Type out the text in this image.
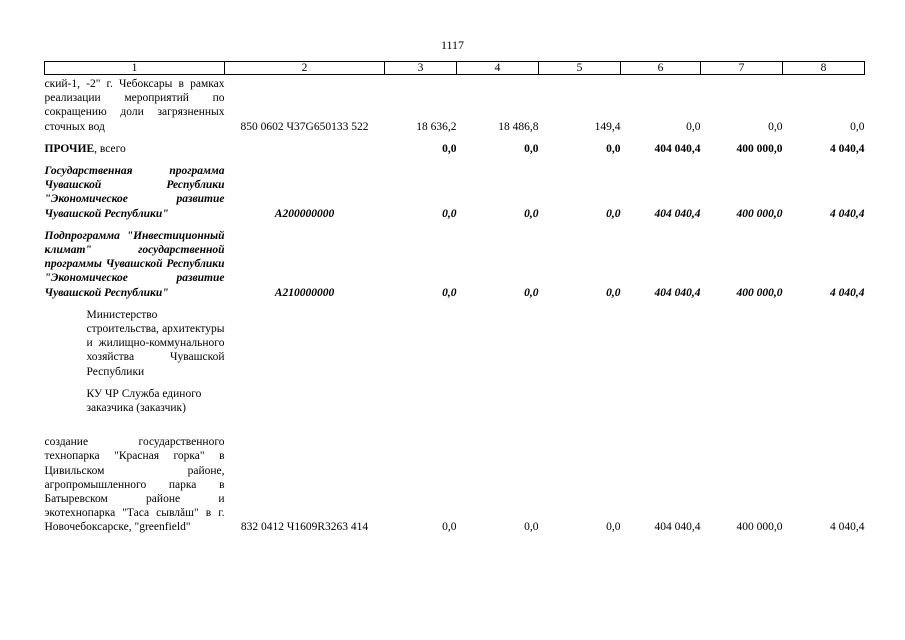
1117
1	2	3	4	5	6	7	8
ский-1, -2" г. Чебоксары в рамках реализации мероприятий по сокращению доли загрязненных сточных вод	850 0602 Ч37G650133 522	18 636,2	18 486,8	149,4	0,0	0,0	0,0
ПРОЧИЕ, всего		0,0	0,0	0,0	404 040,4	400 000,0	4 040,4
Государственная программа Чувашской Республики "Экономическое развитие Чувашской Республики"	А200000000	0,0	0,0	0,0	404 040,4	400 000,0	4 040,4
Подпрограмма "Инвестиционный климат" государственной программы Чувашской Республики "Экономическое развитие Чувашской Республики"	А210000000	0,0	0,0	0,0	404 040,4	400 000,0	4 040,4
Министерство строительства, архитектуры и жилищно-коммунального хозяйства Чувашской Республики							
КУ ЧР Служба единого заказчика (заказчик)							
создание государственного технопарка "Красная горка" в Цивильском районе, агропромышленного парка в Батыревском районе и экотехнопарка "Таса сывлăш" в г. Новочебоксарске, "greenfield"	832 0412 Ч1609R3263 414	0,0	0,0	0,0	404 040,4	400 000,0	4 040,4
